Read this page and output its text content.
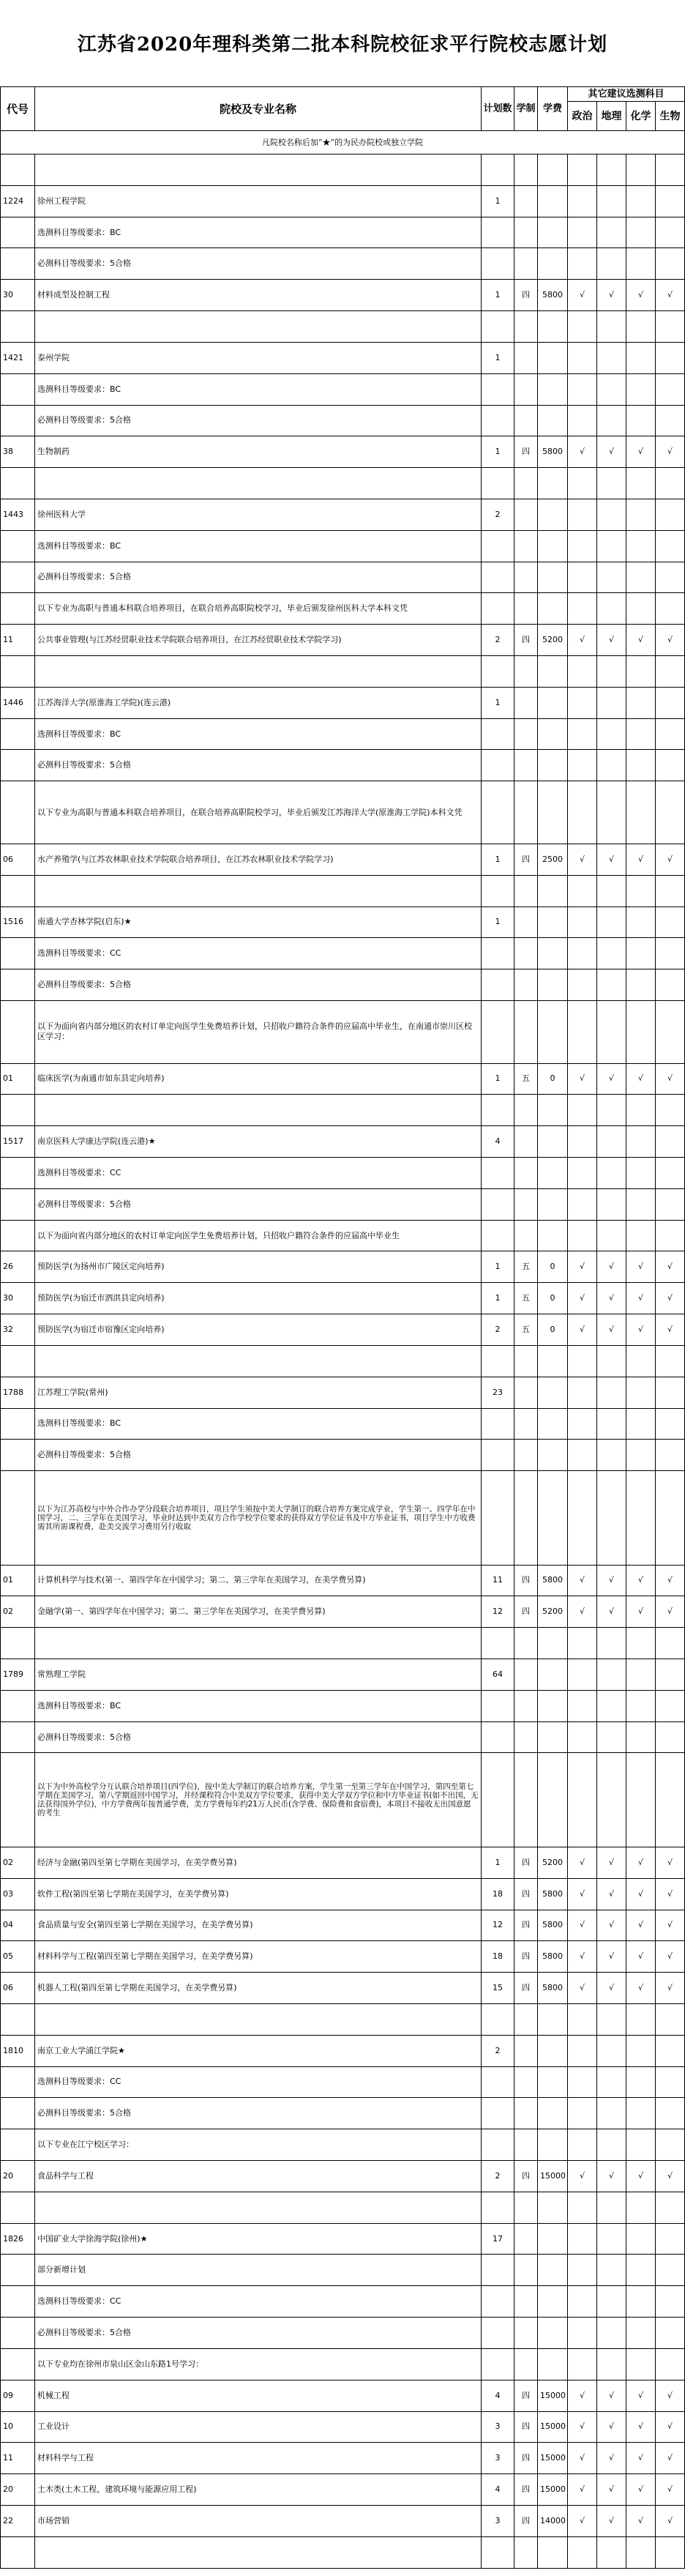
江苏省2020年理科类第二批本科院校征求平行院校志愿计划
代号	院校及专业名称	计划数	学制	学费	其它建议选测科目			
					政治	地理	化学	生物
凡院校名称后加“★”的为民办院校或独立学院								

1224	徐州工程学院	1						
	选测科目等级要求：BC							
	必测科目等级要求：5合格							
30	材料成型及控制工程	1	四	5800	√	√	√	√

1421	泰州学院	1						
	选测科目等级要求：BC							
	必测科目等级要求：5合格							
38	生物制药	1	四	5800	√	√	√	√

1443	徐州医科大学	2						
	选测科目等级要求：BC							
	必测科目等级要求：5合格							
	以下专业为高职与普通本科联合培养项目，在联合培养高职院校学习，毕业后颁发徐州医科大学本科文凭							
11	公共事业管理(与江苏经贸职业技术学院联合培养项目，在江苏经贸职业技术学院学习)	2	四	5200	√	√	√	√

1446	江苏海洋大学(原淮海工学院)(连云港)	1						
	选测科目等级要求：BC							
	必测科目等级要求：5合格							
	以下专业为高职与普通本科联合培养项目，在联合培养高职院校学习，毕业后颁发江苏海洋大学(原淮海工学院)本科文凭							
06	水产养殖学(与江苏农林职业技术学院联合培养项目，在江苏农林职业技术学院学习)	1	四	2500	√	√	√	√

1516	南通大学杏林学院(启东)★	1						
	选测科目等级要求：CC							
	必测科目等级要求：5合格							
	以下为面向省内部分地区的农村订单定向医学生免费培养计划，只招收户籍符合条件的应届高中毕业生，在南通市崇川区校区学习：							
01	临床医学(为南通市如东县定向培养)	1	五	0	√	√	√	√

1517	南京医科大学康达学院(连云港)★	4						
	选测科目等级要求：CC							
	必测科目等级要求：5合格							
	以下为面向省内部分地区的农村订单定向医学生免费培养计划，只招收户籍符合条件的应届高中毕业生							
26	预防医学(为扬州市广陵区定向培养)	1	五	0	√	√	√	√
30	预防医学(为宿迁市泗洪县定向培养)	1	五	0	√	√	√	√
32	预防医学(为宿迁市宿豫区定向培养)	2	五	0	√	√	√	√

1788	江苏理工学院(常州)	23						
	选测科目等级要求：BC							
	必测科目等级要求：5合格							
	以下为江苏高校与中外合作办学分段联合培养项目，项目学生须按中美大学制订的联合培养方案完成学业，学生第一、四学年在中国学习，二、三学年在美国学习，毕业时达到中美双方合作学校学位要求的获得双方学位证书及中方毕业证书，项目学生中方收费需其所需课程费，赴美交流学习费用另行收取							
01	计算机科学与技术(第一、第四学年在中国学习；第二、第三学年在美国学习，在美学费另算)	11	四	5800	√	√	√	√
02	金融学(第一、第四学年在中国学习；第二、第三学年在美国学习，在美学费另算)	12	四	5200	√	√	√	√

1789	常熟理工学院	64						
	选测科目等级要求：BC							
	必测科目等级要求：5合格							
	以下为中外高校学分互认联合培养项目(四学位)，按中美大学制订的联合培养方案，学生第一至第三学年在中国学习，第四至第七学期在美国学习，第八学期返回中国学习，并经课程符合中美双方学位要求，获得中美大学双方学位和中方毕业证书(如不出国，无法获得国外学位)，中方学费两年按普通学费，美方学费每年约21万人民币(含学费、保险费和食宿费)，本项目不接收无出国意愿的考生							
02	经济与金融(第四至第七学期在美国学习，在美学费另算)	1	四	5200	√	√	√	√
03	软件工程(第四至第七学期在美国学习，在美学费另算)	18	四	5800	√	√	√	√
04	食品质量与安全(第四至第七学期在美国学习，在美学费另算)	12	四	5800	√	√	√	√
05	材料科学与工程(第四至第七学期在美国学习，在美学费另算)	18	四	5800	√	√	√	√
06	机器人工程(第四至第七学期在美国学习，在美学费另算)	15	四	5800	√	√	√	√

1810	南京工业大学浦江学院★	2						
	选测科目等级要求：CC							
	必测科目等级要求：5合格							
	以下专业在江宁校区学习：							
20	食品科学与工程	2	四	15000	√	√	√	√

1826	中国矿业大学徐海学院(徐州)★	17						
	部分新增计划							
	选测科目等级要求：CC							
	必测科目等级要求：5合格							
	以下专业均在徐州市泉山区金山东路1号学习：							
09	机械工程	4	四	15000	√	√	√	√
10	工业设计	3	四	15000	√	√	√	√
11	材料科学与工程	3	四	15000	√	√	√	√
20	土木类(土木工程，建筑环境与能源应用工程)	4	四	15000	√	√	√	√
22	市场营销	3	四	14000	√	√	√	√
